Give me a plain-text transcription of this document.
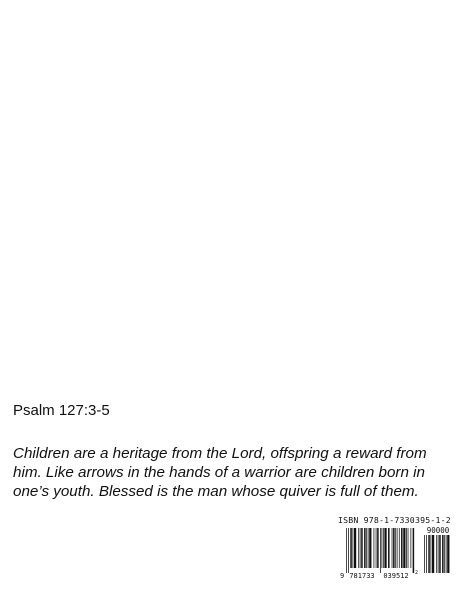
Psalm 127:3-5
Children are a heritage from the Lord, offspring a reward from
him. Like arrows in the hands of a warrior are children born in
one’s youth. Blessed is the man whose quiver is full of them.
ISBN 978-1-7330395-1-2
90000
9 781733 039512 2
